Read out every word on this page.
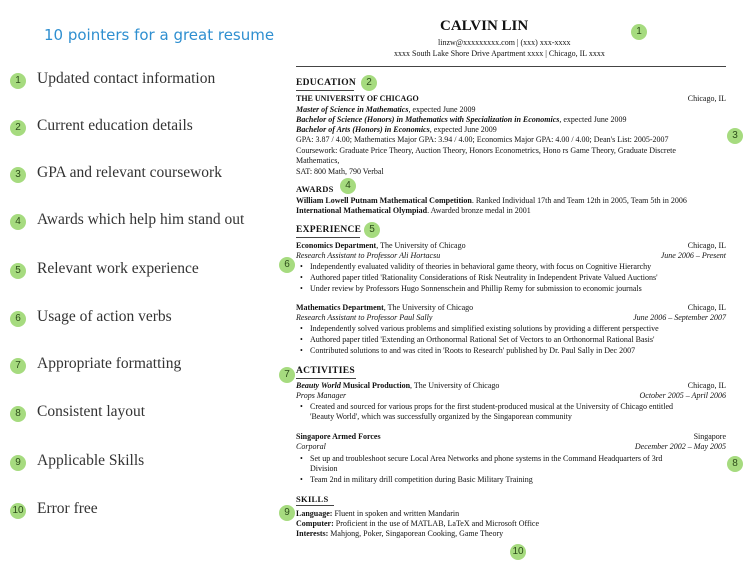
10 pointers for a great resume
1	Updated contact information
2	Current education details
3	GPA and relevant coursework
4	Awards which help him stand out
5	Relevant work experience
6	Usage of action verbs
7	Appropriate formatting
8	Consistent layout
9	Applicable Skills
10 Error free
CALVIN LIN
linzw@xxxxxxxxx.com | (xxx) xxx-xxxx
xxxx South Lake Shore Drive Apartment xxxx | Chicago, IL xxxx
EDUCATION
THE UNIVERSITY OF CHICAGO	Chicago, IL
Master of Science in Mathematics, expected June 2009
Bachelor of Science (Honors) in Mathematics with Specialization in Economics, expected June 2009
Bachelor of Arts (Honors) in Economics, expected June 2009
GPA: 3.87 / 4.00; Mathematics Major GPA: 3.94 / 4.00; Economics Major GPA: 4.00 / 4.00; Dean's List: 2005-2007
Coursework: Graduate Price Theory, Auction Theory, Honors Econometrics, Hono rs Game Theory, Graduate Discrete
Mathematics,
SAT: 800 Math, 790 Verbal
AWARDS
William Lowell Putnam Mathematical Competition. Ranked Individual 17th and Team 12th in 2005, Team 5th in 2006
International Mathematical Olympiad. Awarded bronze medal in 2001
EXPERIENCE
Economics Department, The University of Chicago	Chicago, IL
Research Assistant to Professor Ali Hortacsu	June 2006 – Present
• Independently evaluated validity of theories in behavioral game theory, with focus on Cognitive Hierarchy
• Authored paper titled 'Rationality Considerations of Risk Neutrality in Independent Private Valued Auctions'
• Under review by Professors Hugo Sonnenschein and Phillip Remy for submission to economic journals
Mathematics Department, The University of Chicago	Chicago, IL
Research Assistant to Professor Paul Sally	June 2006 – September 2007
• Independently solved various problems and simplified existing solutions by providing a different perspective
• Authored paper titled 'Extending an Orthonormal Rational Set of Vectors to an Orthonormal Rational Basis'
• Contributed solutions to and was cited in 'Roots to Research' published by Dr. Paul Sally in Dec 2007
ACTIVITIES
Beauty World Musical Production, The University of Chicago	Chicago, IL
Props Manager	October 2005 – April 2006
• Created and sourced for various props for the first student-produced musical at the University of Chicago entitled
'Beauty World', which was successfully organized by the Singaporean community
Singapore Armed Forces	Singapore
Corporal	December 2002 – May 2005
• Set up and troubleshoot secure Local Area Networks and phone systems in the Command Headquarters of 3rd
Division
• Team 2nd in military drill competition during Basic Military Training
SKILLS
Language: Fluent in spoken and written Mandarin
Computer: Proficient in the use of MATLAB, LaTeX and Microsoft Office
Interests: Mahjong, Poker, Singaporean Cooking, Game Theory
1
2
3
4
5
6
7
8
9
10
